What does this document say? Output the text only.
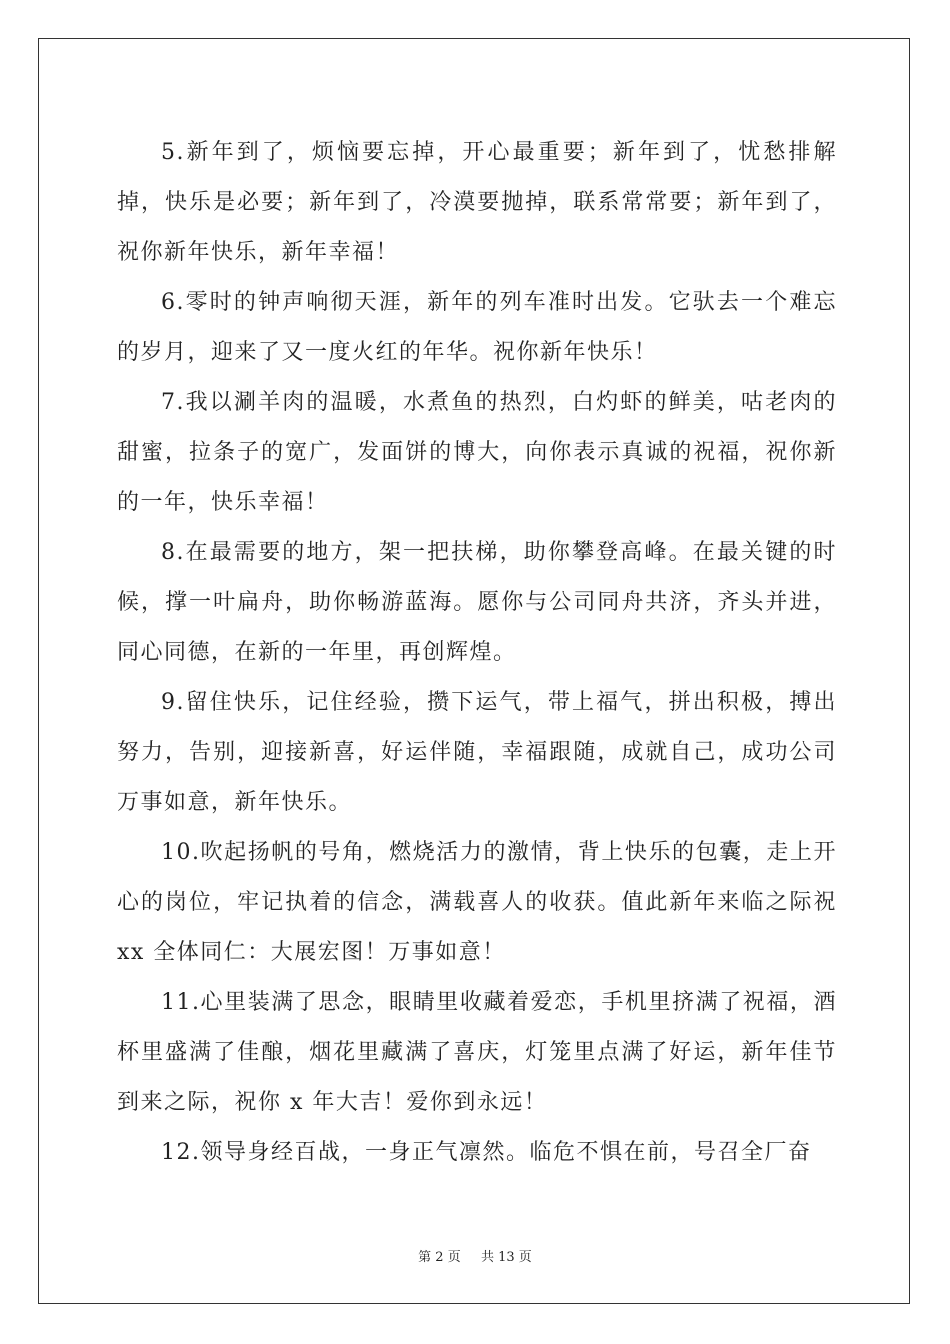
5.新年到了，烦恼要忘掉，开心最重要；新年到了，忧愁排解掉，快乐是必要；新年到了，冷漠要抛掉，联系常常要；新年到了，祝你新年快乐，新年幸福！

6.零时的钟声响彻天涯，新年的列车准时出发。它驮去一个难忘的岁月，迎来了又一度火红的年华。祝你新年快乐！

7.我以涮羊肉的温暖，水煮鱼的热烈，白灼虾的鲜美，咕老肉的甜蜜，拉条子的宽广，发面饼的博大，向你表示真诚的祝福，祝你新的一年，快乐幸福！

8.在最需要的地方，架一把扶梯，助你攀登高峰。在最关键的时候，撑一叶扁舟，助你畅游蓝海。愿你与公司同舟共济，齐头并进，同心同德，在新的一年里，再创辉煌。

9.留住快乐，记住经验，攒下运气，带上福气，拼出积极，搏出努力，告别，迎接新喜，好运伴随，幸福跟随，成就自己，成功公司万事如意，新年快乐。

10.吹起扬帆的号角，燃烧活力的激情，背上快乐的包囊，走上开心的岗位，牢记执着的信念，满载喜人的收获。值此新年来临之际祝 xx 全体同仁：大展宏图！万事如意！

11.心里装满了思念，眼睛里收藏着爱恋，手机里挤满了祝福，酒杯里盛满了佳酿，烟花里藏满了喜庆，灯笼里点满了好运，新年佳节到来之际，祝你 x 年大吉！爱你到永远！

12.领导身经百战，一身正气凛然。临危不惧在前，号召全厂奋

第 2 页 共 13 页
